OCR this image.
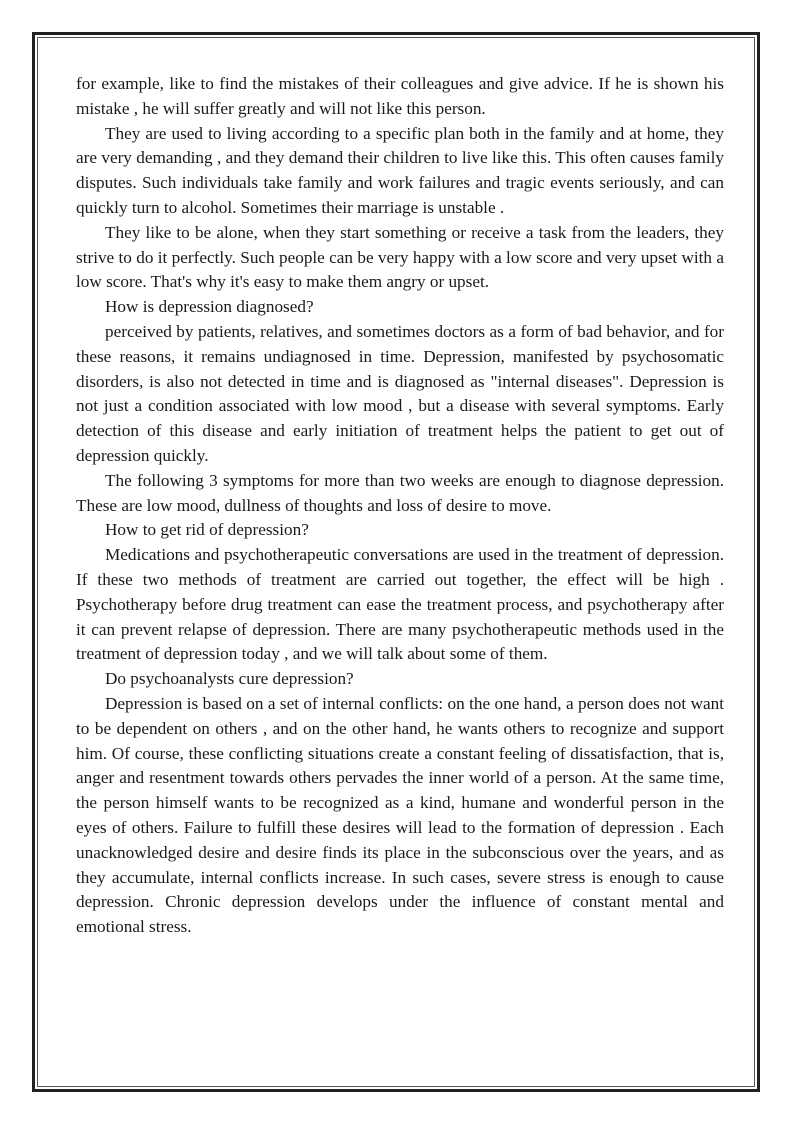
for example, like to find the mistakes of their colleagues and give advice. If he is shown his mistake , he will suffer greatly and will not like this person.

They are used to living according to a specific plan both in the family and at home, they are very demanding , and they demand their children to live like this. This often causes family disputes. Such individuals take family and work failures and tragic events seriously, and can quickly turn to alcohol. Sometimes their marriage is unstable .

They like to be alone, when they start something or receive a task from the leaders, they strive to do it perfectly. Such people can be very happy with a low score and very upset with a low score. That's why it's easy to make them angry or upset.

How is depression diagnosed?

perceived by patients, relatives, and sometimes doctors as a form of bad behavior, and for these reasons, it remains undiagnosed in time. Depression, manifested by psychosomatic disorders, is also not detected in time and is diagnosed as "internal diseases". Depression is not just a condition associated with low mood , but a disease with several symptoms. Early detection of this disease and early initiation of treatment helps the patient to get out of depression quickly.

The following 3 symptoms for more than two weeks are enough to diagnose depression. These are low mood, dullness of thoughts and loss of desire to move.

How to get rid of depression?

Medications and psychotherapeutic conversations are used in the treatment of depression. If these two methods of treatment are carried out together, the effect will be high . Psychotherapy before drug treatment can ease the treatment process, and psychotherapy after it can prevent relapse of depression. There are many psychotherapeutic methods used in the treatment of depression today , and we will talk about some of them.

Do psychoanalysts cure depression?

Depression is based on a set of internal conflicts: on the one hand, a person does not want to be dependent on others , and on the other hand, he wants others to recognize and support him. Of course, these conflicting situations create a constant feeling of dissatisfaction, that is, anger and resentment towards others pervades the inner world of a person. At the same time, the person himself wants to be recognized as a kind, humane and wonderful person in the eyes of others. Failure to fulfill these desires will lead to the formation of depression . Each unacknowledged desire and desire finds its place in the subconscious over the years, and as they accumulate, internal conflicts increase. In such cases, severe stress is enough to cause depression. Chronic depression develops under the influence of constant mental and emotional stress.
